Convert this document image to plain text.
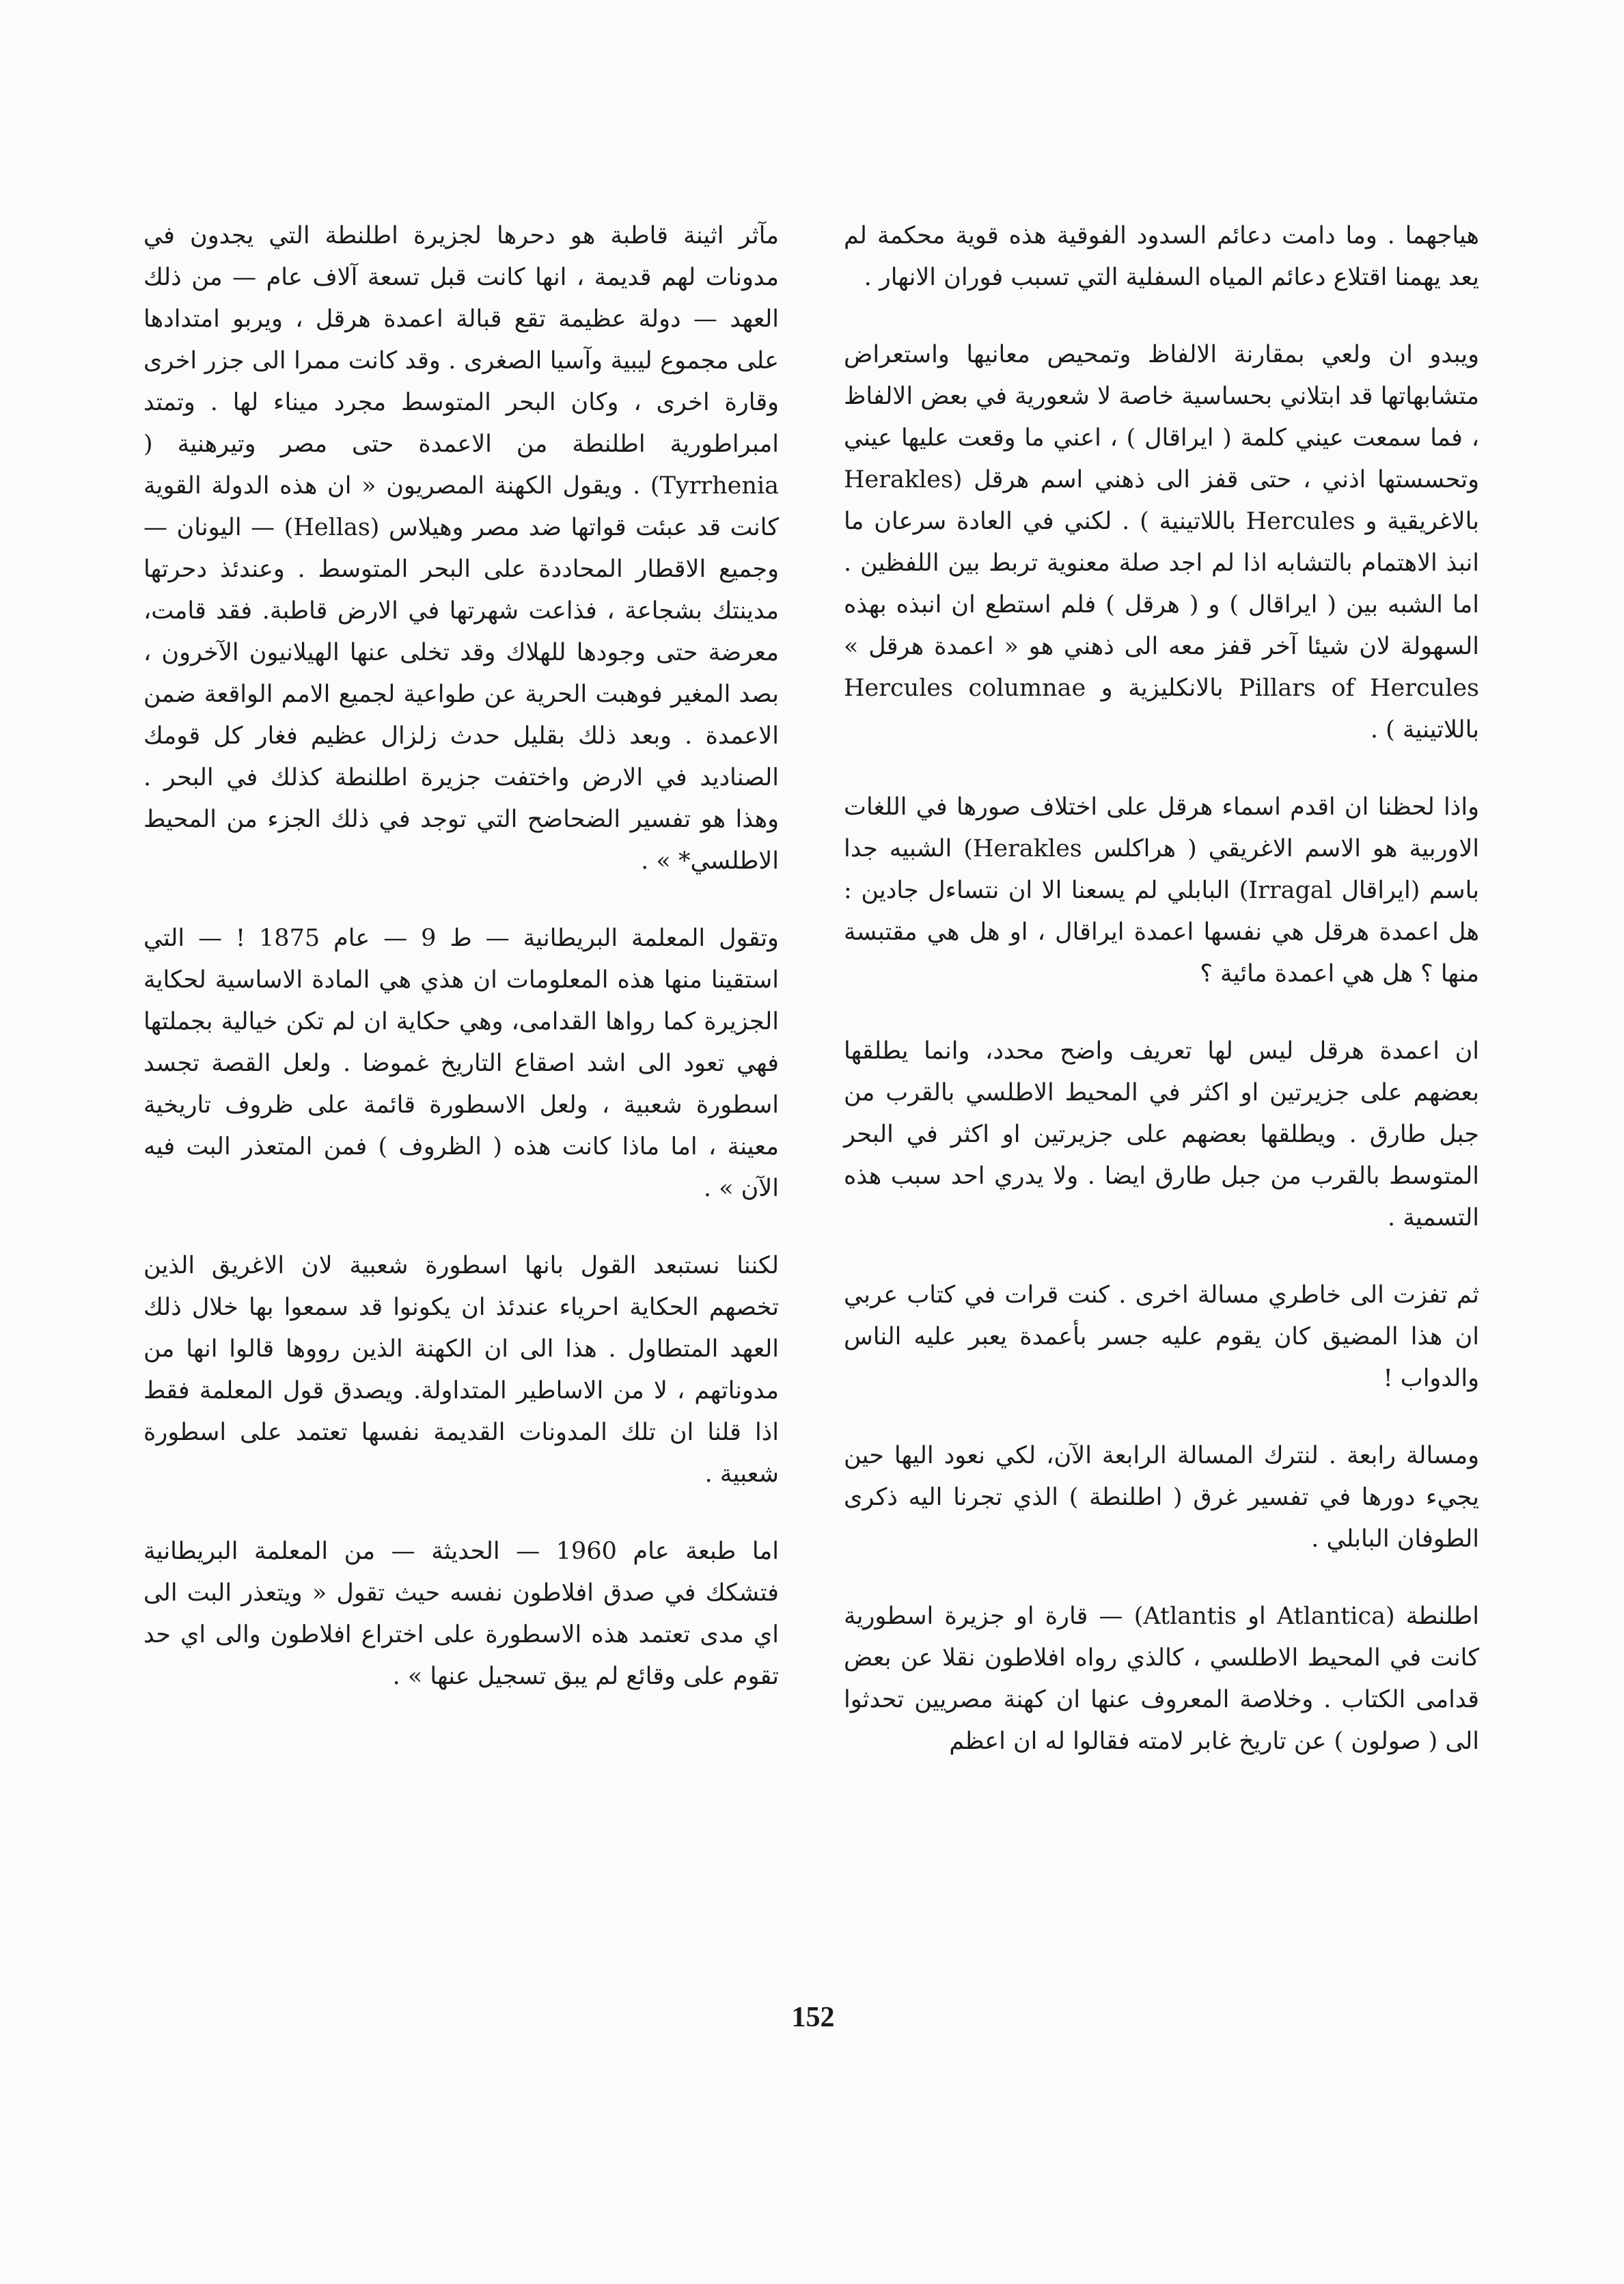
هياجهما . وما دامت دعائم السدود الفوقية هذه قوية محكمة لم يعد يهمنا اقتلاع دعائم المياه السفلية التي تسبب فوران الانهار .

ويبدو ان ولعي بمقارنة الالفاظ وتمحيص معانيها واستعراض متشابهاتها قد ابتلاني بحساسية خاصة لا شعورية في بعض الالفاظ ، فما سمعت عيني كلمة ( ايراقال ) ، اعني ما وقعت عليها عيني وتحسستها اذني ، حتى قفز الى ذهني اسم هرقل (Herakles بالاغريقية و Hercules باللاتينية ) . لكني في العادة سرعان ما انبذ الاهتمام بالتشابه اذا لم اجد صلة معنوية تربط بين اللفظين . اما الشبه بين ( ايراقال ) و ( هرقل ) فلم استطع ان انبذه بهذه السهولة لان شيئا آخر قفز معه الى ذهني هو « اعمدة هرقل » Pillars of Hercules بالانكليزية و Hercules columnae باللاتينية ) .

واذا لحظنا ان اقدم اسماء هرقل على اختلاف صورها في اللغات الاوربية هو الاسم الاغريقي ( هراكلس Herakles) الشبيه جدا باسم (ايراقال Irragal) البابلي لم يسعنا الا ان نتساءل جادين : هل اعمدة هرقل هي نفسها اعمدة ايراقال ، او هل هي مقتبسة منها ؟ هل هي اعمدة مائية ؟

ان اعمدة هرقل ليس لها تعريف واضح محدد، وانما يطلقها بعضهم على جزيرتين او اكثر في المحيط الاطلسي بالقرب من جبل طارق . ويطلقها بعضهم على جزيرتين او اكثر في البحر المتوسط بالقرب من جبل طارق ايضا . ولا يدري احد سبب هذه التسمية .

ثم تفزت الى خاطري مسالة اخرى . كنت قرات في كتاب عربي ان هذا المضيق كان يقوم عليه جسر بأعمدة يعبر عليه الناس والدواب !

ومسالة رابعة . لنترك المسالة الرابعة الآن، لكي نعود اليها حين يجيء دورها في تفسير غرق ( اطلنطة ) الذي تجرنا اليه ذكرى الطوفان البابلي .

اطلنطة (Atlantica او Atlantis) — قارة او جزيرة اسطورية كانت في المحيط الاطلسي ، كالذي رواه افلاطون نقلا عن بعض قدامى الكتاب . وخلاصة المعروف عنها ان كهنة مصريين تحدثوا الى ( صولون ) عن تاريخ غابر لامته فقالوا له ان اعظم

مآثر اثينة قاطبة هو دحرها لجزيرة اطلنطة التي يجدون في مدونات لهم قديمة ، انها كانت قبل تسعة آلاف عام — من ذلك العهد — دولة عظيمة تقع قبالة اعمدة هرقل ، ويربو امتدادها على مجموع ليبية وآسيا الصغرى . وقد كانت ممرا الى جزر اخرى وقارة اخرى ، وكان البحر المتوسط مجرد ميناء لها . وتمتد امبراطورية اطلنطة من الاعمدة حتى مصر وتيرهنية ( Tyrrhenia) . ويقول الكهنة المصريون « ان هذه الدولة القوية كانت قد عبئت قواتها ضد مصر وهيلاس (Hellas) — اليونان — وجميع الاقطار المحاددة على البحر المتوسط . وعندئذ دحرتها مدينتك بشجاعة ، فذاعت شهرتها في الارض قاطبة. فقد قامت، معرضة حتى وجودها للهلاك وقد تخلى عنها الهيلانيون الآخرون ، بصد المغير فوهبت الحرية عن طواعية لجميع الامم الواقعة ضمن الاعمدة . وبعد ذلك بقليل حدث زلزال عظيم فغار كل قومك الصناديد في الارض واختفت جزيرة اطلنطة كذلك في البحر . وهذا هو تفسير الضحاضح التي توجد في ذلك الجزء من المحيط الاطلسي* » .

وتقول المعلمة البريطانية — ط 9 — عام 1875 ! — التي استقينا منها هذه المعلومات ان هذي هي المادة الاساسية لحكاية الجزيرة كما رواها القدامى، وهي حكاية ان لم تكن خيالية بجملتها فهي تعود الى اشد اصقاع التاريخ غموضا . ولعل القصة تجسد اسطورة شعبية ، ولعل الاسطورة قائمة على ظروف تاريخية معينة ، اما ماذا كانت هذه ( الظروف ) فمن المتعذر البت فيه الآن » .

لكننا نستبعد القول بانها اسطورة شعبية لان الاغريق الذين تخصهم الحكاية احرياء عندئذ ان يكونوا قد سمعوا بها خلال ذلك العهد المتطاول . هذا الى ان الكهنة الذين رووها قالوا انها من مدوناتهم ، لا من الاساطير المتداولة. ويصدق قول المعلمة فقط اذا قلنا ان تلك المدونات القديمة نفسها تعتمد على اسطورة شعبية .

اما طبعة عام 1960 — الحديثة — من المعلمة البريطانية فتشكك في صدق افلاطون نفسه حيث تقول « ويتعذر البت الى اي مدى تعتمد هذه الاسطورة على اختراع افلاطون والى اي حد تقوم على وقائع لم يبق تسجيل عنها » .

152
